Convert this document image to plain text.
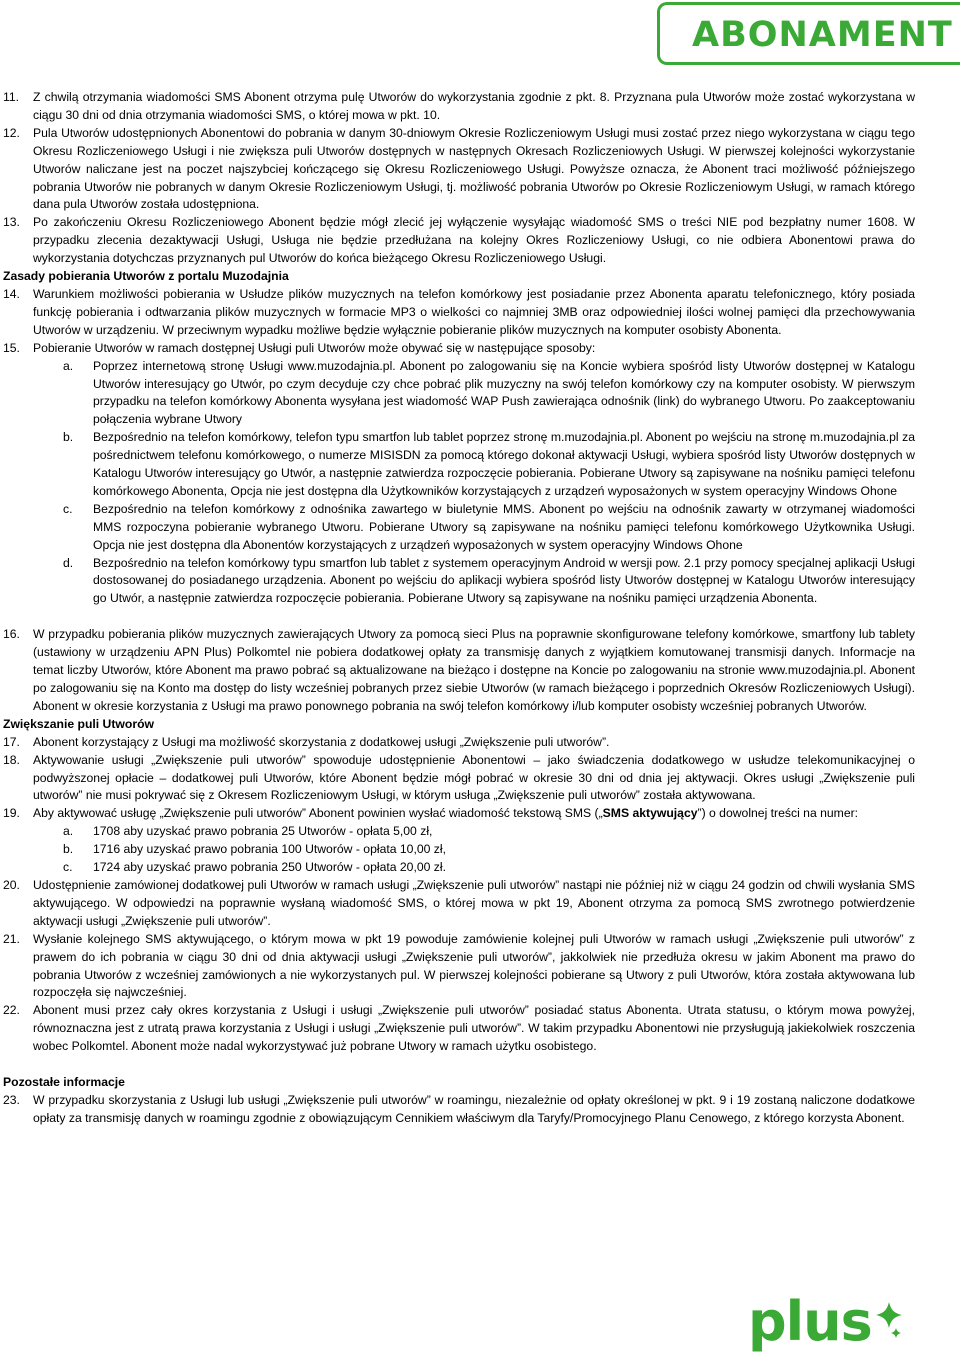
ABONAMENT
11.	Z chwilą otrzymania wiadomości SMS Abonent otrzyma pulę Utworów do wykorzystania zgodnie z pkt. 8. Przyznana pula Utworów może zostać wykorzystana w ciągu 30 dni od dnia otrzymania wiadomości SMS, o której mowa w pkt. 10.
12.	Pula Utworów udostępnionych Abonentowi do pobrania w danym 30-dniowym Okresie Rozliczeniowym Usługi musi zostać przez niego wykorzystana w ciągu tego Okresu Rozliczeniowego Usługi i nie zwiększa puli Utworów dostępnych w następnych Okresach Rozliczeniowych Usługi. W pierwszej kolejności wykorzystanie Utworów naliczane jest na poczet najszybciej kończącego się Okresu Rozliczeniowego Usługi. Powyższe oznacza, że Abonent traci możliwość późniejszego pobrania Utworów nie pobranych w danym Okresie Rozliczeniowym Usługi, tj. możliwość pobrania Utworów po Okresie Rozliczeniowym Usługi, w ramach którego dana pula Utworów została udostępniona.
13.	Po zakończeniu Okresu Rozliczeniowego Abonent będzie mógł zlecić jej wyłączenie wysyłając wiadomość SMS o treści NIE pod bezpłatny numer 1608. W przypadku zlecenia dezaktywacji Usługi, Usługa nie będzie przedłużana na kolejny Okres Rozliczeniowy Usługi, co nie odbiera Abonentowi prawa do wykorzystania dotychczas przyznanych pul Utworów do końca bieżącego Okresu Rozliczeniowego Usługi.
Zasady pobierania Utworów z portalu Muzodajnia
14.	Warunkiem możliwości pobierania w Usłudze plików muzycznych na telefon komórkowy jest posiadanie przez Abonenta aparatu telefonicznego, który posiada funkcję pobierania i odtwarzania plików muzycznych w formacie MP3 o wielkości co najmniej 3MB oraz odpowiedniej ilości wolnej pamięci dla przechowywania Utworów w urządzeniu. W przeciwnym wypadku możliwe będzie wyłącznie pobieranie plików muzycznych na komputer osobisty Abonenta.
15.	Pobieranie Utworów w ramach dostępnej Usługi puli Utworów może obywać się w następujące sposoby:
a.	Poprzez internetową stronę Usługi www.muzodajnia.pl. Abonent po zalogowaniu się na Koncie wybiera spośród listy Utworów dostępnej w Katalogu Utworów interesujący go Utwór, po czym decyduje czy chce pobrać plik muzyczny na swój telefon komórkowy czy na komputer osobisty. W pierwszym przypadku na telefon komórkowy Abonenta wysyłana jest wiadomość WAP Push zawierająca odnośnik (link) do wybranego Utworu. Po zaakceptowaniu połączenia wybrane Utwory
b.	Bezpośrednio na telefon komórkowy, telefon typu smartfon lub tablet poprzez stronę m.muzodajnia.pl. Abonent po wejściu na stronę m.muzodajnia.pl za pośrednictwem telefonu komórkowego, o numerze MISISDN za pomocą którego dokonał aktywacji Usługi, wybiera spośród listy Utworów dostępnych w Katalogu Utworów interesujący go Utwór, a następnie zatwierdza rozpoczęcie pobierania. Pobierane Utwory są zapisywane na nośniku pamięci telefonu komórkowego Abonenta, Opcja nie jest dostępna dla Użytkowników korzystających z urządzeń wyposażonych w system operacyjny Windows Ohone
c.	Bezpośrednio na telefon komórkowy z odnośnika zawartego w biuletynie MMS. Abonent po wejściu na odnośnik zawarty w otrzymanej wiadomości MMS rozpoczyna pobieranie wybranego Utworu. Pobierane Utwory są zapisywane na nośniku pamięci telefonu komórkowego Użytkownika Usługi. Opcja nie jest dostępna dla Abonentów korzystających z urządzeń wyposażonych w system operacyjny Windows Ohone
d.	Bezpośrednio na telefon komórkowy typu smartfon lub tablet z systemem operacyjnym Android w wersji pow. 2.1 przy pomocy specjalnej aplikacji Usługi dostosowanej do posiadanego urządzenia. Abonent po wejściu do aplikacji wybiera spośród listy Utworów dostępnej w Katalogu Utworów interesujący go Utwór, a następnie zatwierdza rozpoczęcie pobierania. Pobierane Utwory są zapisywane na nośniku pamięci urządzenia Abonenta.
16.	W przypadku pobierania plików muzycznych zawierających Utwory za pomocą sieci Plus na poprawnie skonfigurowane telefony komórkowe, smartfony lub tablety (ustawiony w urządzeniu APN Plus) Polkomtel nie pobiera dodatkowej opłaty za transmisję danych z wyjątkiem komutowanej transmisji danych. Informacje na temat liczby Utworów, które Abonent ma prawo pobrać są aktualizowane na bieżąco i dostępne na Koncie po zalogowaniu na stronie www.muzodajnia.pl. Abonent po zalogowaniu się na Konto ma dostęp do listy wcześniej pobranych przez siebie Utworów (w ramach bieżącego i poprzednich Okresów Rozliczeniowych Usługi). Abonent w okresie korzystania z Usługi ma prawo ponownego pobrania na swój telefon komórkowy i/lub komputer osobisty wcześniej pobranych Utworów.
Zwiększanie puli Utworów
17.	Abonent korzystający z Usługi ma możliwość skorzystania z dodatkowej usługi „Zwiększenie puli utworów”.
18.	Aktywowanie usługi „Zwiększenie puli utworów” spowoduje udostępnienie Abonentowi – jako świadczenia dodatkowego w usłudze telekomunikacyjnej o podwyższonej opłacie – dodatkowej puli Utworów, które Abonent będzie mógł pobrać w okresie 30 dni od dnia jej aktywacji. Okres usługi „Zwiększenie puli utworów” nie musi pokrywać się z Okresem Rozliczeniowym Usługi, w którym usługa „Zwiększenie puli utworów” została aktywowana.
19.	Aby aktywować usługę „Zwiększenie puli utworów” Abonent powinien wysłać wiadomość tekstową SMS („SMS aktywujący”) o dowolnej treści na numer:
a.	1708 aby uzyskać prawo pobrania 25 Utworów - opłata 5,00 zł,
b.	1716 aby uzyskać prawo pobrania 100 Utworów - opłata 10,00 zł,
c.	1724 aby uzyskać prawo pobrania 250 Utworów - opłata 20,00 zł.
20.	Udostępnienie zamówionej dodatkowej puli Utworów w ramach usługi „Zwiększenie puli utworów” nastąpi nie później niż w ciągu 24 godzin od chwili wysłania SMS aktywującego. W odpowiedzi na poprawnie wysłaną wiadomość SMS, o której mowa w pkt 19, Abonent otrzyma za pomocą SMS zwrotnego potwierdzenie aktywacji usługi „Zwiększenie puli utworów”.
21.	Wysłanie kolejnego SMS aktywującego, o którym mowa w pkt 19 powoduje zamówienie kolejnej puli Utworów w ramach usługi „Zwiększenie puli utworów” z prawem do ich pobrania w ciągu 30 dni od dnia aktywacji usługi „Zwiększenie puli utworów”, jakkolwiek nie przedłuża okresu w jakim Abonent ma prawo do pobrania Utworów z wcześniej zamówionych a nie wykorzystanych pul. W pierwszej kolejności pobierane są Utwory z puli Utworów, która została aktywowana lub rozpoczęła się najwcześniej.
22.	Abonent musi przez cały okres korzystania z Usługi i usługi „Zwiększenie puli utworów” posiadać status Abonenta. Utrata statusu, o którym mowa powyżej, równoznaczna jest z utratą prawa korzystania z Usługi i usługi „Zwiększenie puli utworów”. W takim przypadku Abonentowi nie przysługują jakiekolwiek roszczenia wobec Polkomtel. Abonent może nadal wykorzystywać już pobrane Utwory w ramach użytku osobistego.
Pozostałe informacje
23.	W przypadku skorzystania z Usługi lub usługi „Zwiększenie puli utworów” w roamingu, niezależnie od opłaty określonej w pkt. 9 i 19 zostaną naliczone dodatkowe opłaty za transmisję danych w roamingu zgodnie z obowiązującym Cennikiem właściwym dla Taryfy/Promocyjnego Planu Cenowego, z którego korzysta Abonent.
plus
